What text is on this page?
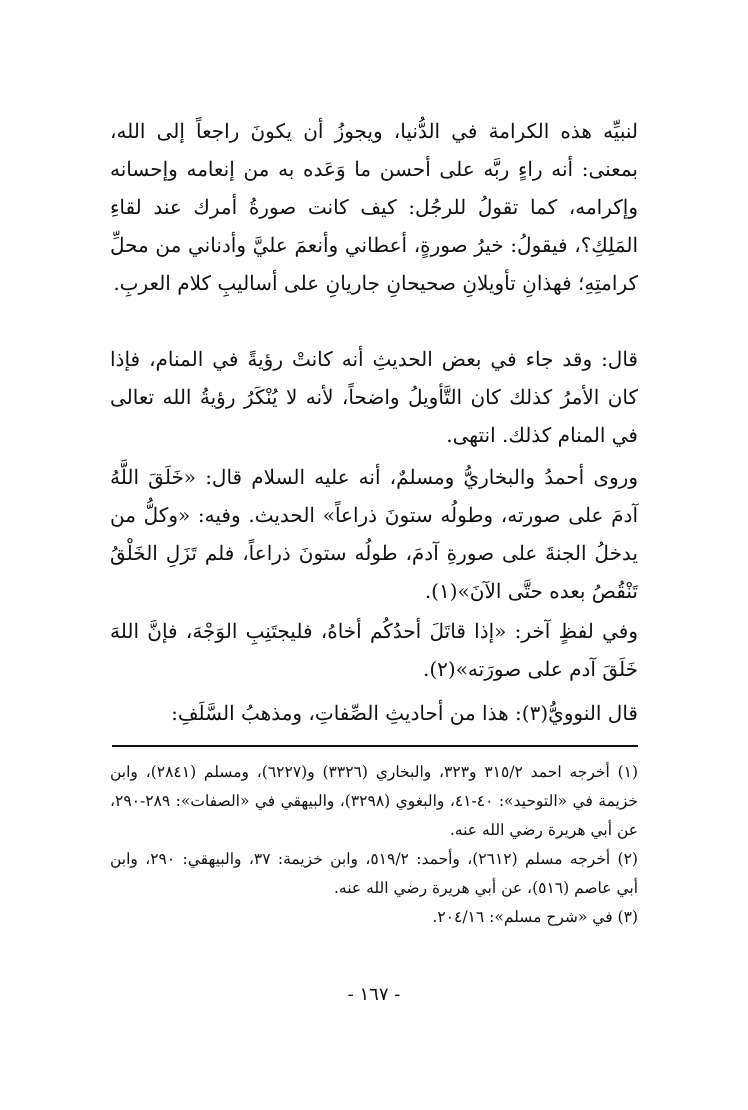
لنبيِّه هذه الكرامة في الدُّنيا، ويجوزُ أن يكونَ راجعاً إلى الله، بمعنى: أنه راءٍ ربَّه على أحسن ما وَعَده به من إنعامه وإحسانه وإكرامه، كما تقولُ للرجُل: كيف كانت صورةُ أمرك عند لقاءِ المَلِكِ؟، فيقولُ: خيرُ صورةٍ، أعطاني وأنعمَ عليَّ وأدناني من محلِّ كرامتِهِ؛ فهذانِ تأويلانِ صحيحانِ جاريانِ على أساليبِ كلام العربِ.

قال: وقد جاء في بعض الحديثِ أنه كانتْ رؤيةً في المنام، فإذا كان الأمرُ كذلك كان التَّأويلُ واضحاً، لأنه لا يُنْكَرُ رؤيةُ الله تعالى في المنام كذلك. انتهى.

وروى أحمدُ والبخاريُّ ومسلمٌ، أنه عليه السلام قال: «خَلَقَ اللَّهُ آدمَ على صورته، وطولُه ستونَ ذراعاً» الحديث. وفيه: «وكلُّ من يدخلُ الجنةَ على صورةِ آدمَ، طولُه ستونَ ذراعاً، فلم تَزَلِ الخَلْقُ تَنْقُصُ بعده حتَّى الآنَ»(١).

وفي لفظٍ آخر: «إذا قاتَلَ أحدُكُم أخاهُ، فليجتَنِبِ الوَجْهَ، فإنَّ اللهَ خَلَقَ آدم على صورَته»(٢).

قال النوويُّ(٣): هذا من أحاديثِ الصِّفاتِ، ومذهبُ السَّلَفِ:

(١) أخرجه احمد ٣١٥/٢ و٣٢٣، والبخاري (٣٣٢٦) و(٦٢٢٧)، ومسلم (٢٨٤١)، وابن خزيمة في «التوحيد»: ٤٠-٤١، والبغوي (٣٢٩٨)، والبيهقي في «الصفات»: ٢٨٩-٢٩٠، عن أبي هريرة رضي الله عنه.

(٢) أخرجه مسلم (٢٦١٢)، وأحمد: ٥١٩/٢، وابن خزيمة: ٣٧، والبيهقي: ٢٩٠، وابن أبي عاصم (٥١٦)، عن أبي هريرة رضي الله عنه.

(٣) في «شرح مسلم»: ٢٠٤/١٦.

- ١٦٧ -
